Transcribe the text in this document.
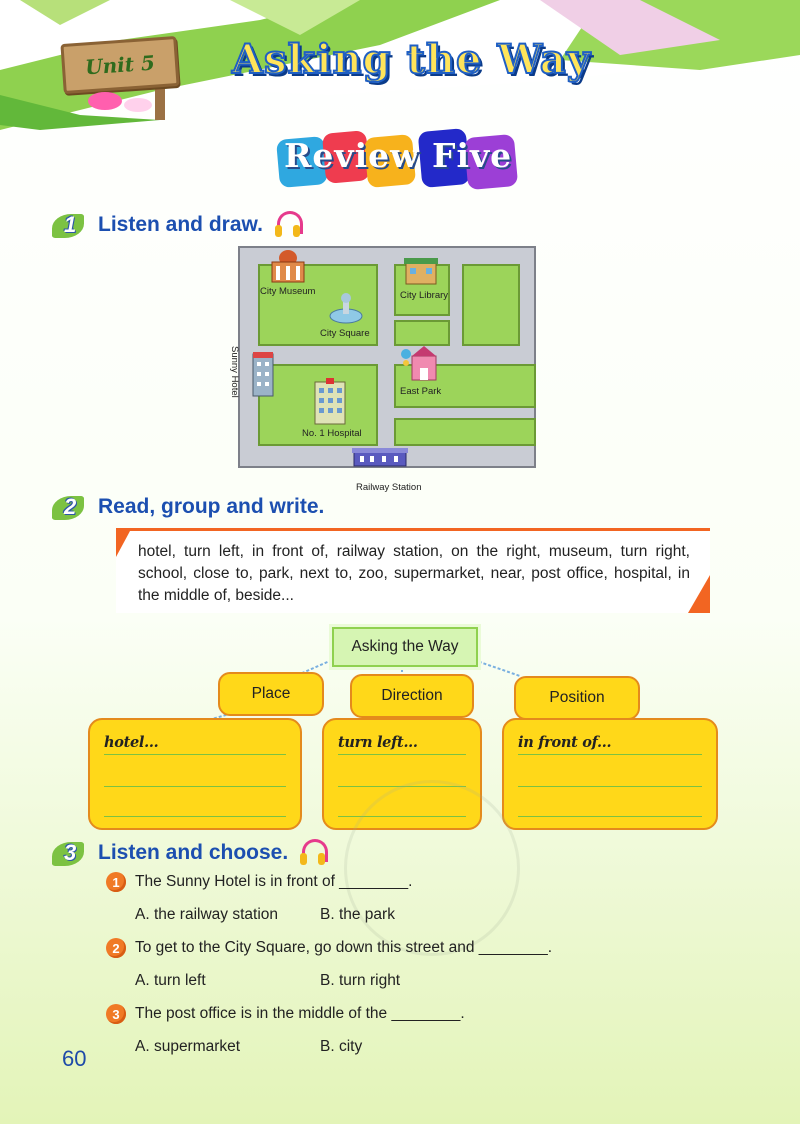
Unit 5	Asking the Way
Review Five
1 Listen and draw.
City Museum	City Library
City Square
East Park
No. 1 Hospital
Sunny Hotel
Railway Station
2 Read, group and write.

hotel, turn left, in front of, railway station, on the right, museum, turn right, school, close to, park, next to, zoo, supermarket, near, post office, hospital, in the middle of, beside...

Asking the Way
Place	Direction	Position
hotel...	turn left...	in front of...
3 Listen and choose.
1 The Sunny Hotel is in front of ________.
A. the railway station	B. the park
2 To get to the City Square, go down this street and ________.
A. turn left	B. turn right
3 The post office is in the middle of the ________.
A. supermarket	B. city
60
